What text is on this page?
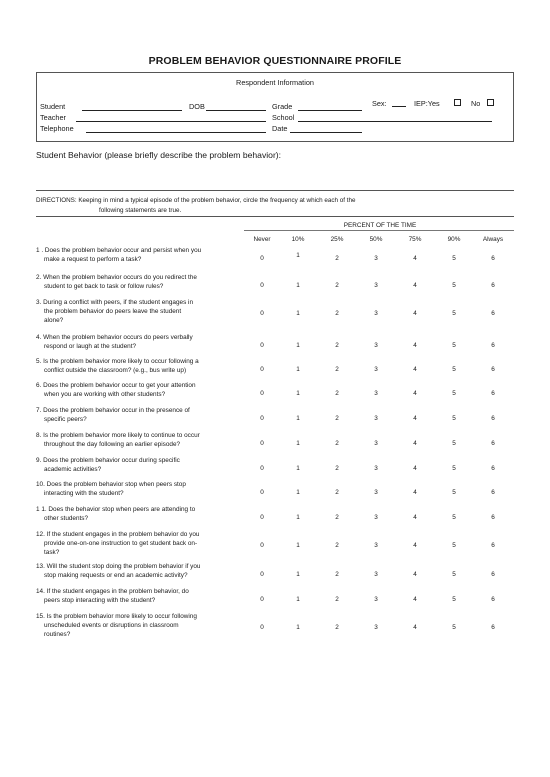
PROBLEM BEHAVIOR QUESTIONNAIRE PROFILE
Respondent Information
Student	DOB	Grade	Sex:	IEP:Yes	No
Teacher	School
Telephone	Date
Student Behavior (please briefly describe the problem behavior):
DIRECTIONS: Keeping in mind a typical episode of the problem behavior, circle the frequency at which each of the
following statements are true.
PERCENT OF THE TIME
Never	10%	25%	50%	75%	90%	Always
1 . Does the problem behavior occur and persist when you
make a request to perform a task?	0	1	2	3	4	5	6
2. When the problem behavior occurs do you redirect the
student to get back to task or follow rules?	0	1	2	3	4	5	6
3. During a conflict with peers, if the student engages in
the problem behavior do peers leave the student
alone?
0	1	2	3	4	5	6
4. When the problem behavior occurs do peers verbally
respond or laugh at the student?	0	1	2	3	4	5	6
5. Is the problem behavior more likely to occur following a
conflict outside the classroom? (e.g., bus write up)	0	1	2	3	4	5	6
6. Does the problem behavior occur to get your attention
when you are working with other students?	0	1	2	3	4	5	6
7. Does the problem behavior occur in the presence of
specific peers?	0	1	2	3	4	5	6
8. Is the problem behavior more likely to continue to occur
throughout the day following an earlier episode?	0	1	2	3	4	5	6
9. Does the problem behavior occur during specific
academic activities?	0	1	2	3	4	5	6
10. Does the problem behavior stop when peers stop
interacting with the student?	0	1	2	3	4	5	6
1 1. Does the behavior stop when peers are attending to
other students?	0	1	2	3	4	5	6
12. If the student engages in the problem behavior do you
provide one-on-one instruction to get student back on-
task?
0	1	2	3	4	5	6
13. Will the student stop doing the problem behavior if you
stop making requests or end an academic activity?	0	1	2	3	4	5	6
14. If the student engages in the problem behavior, do
peers stop interacting with the student?	0	1	2	3	4	5	6
15. Is the problem behavior more likely to occur following
unscheduled events or disruptions in classroom
routines?
0	1	2	3	4	5	6
